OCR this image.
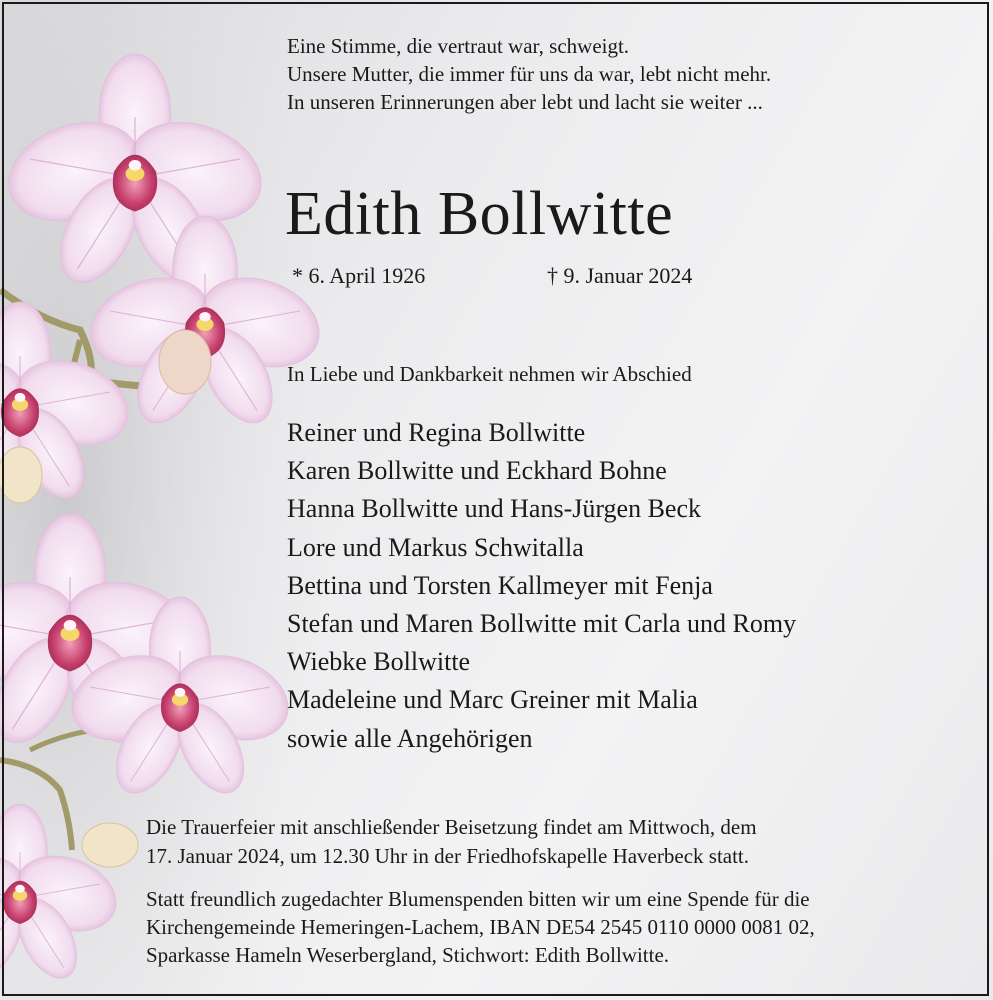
Eine Stimme, die vertraut war, schweigt.
Unsere Mutter, die immer für uns da war, lebt nicht mehr.
In unseren Erinnerungen aber lebt und lacht sie weiter ...
Edith Bollwitte
* 6. April 1926	† 9. Januar 2024
In Liebe und Dankbarkeit nehmen wir Abschied
Reiner und Regina Bollwitte
Karen Bollwitte und Eckhard Bohne
Hanna Bollwitte und Hans-Jürgen Beck
Lore und Markus Schwitalla
Bettina und Torsten Kallmeyer mit Fenja
Stefan und Maren Bollwitte mit Carla und Romy
Wiebke Bollwitte
Madeleine und Marc Greiner mit Malia
sowie alle Angehörigen
Die Trauerfeier mit anschließender Beisetzung findet am Mittwoch, dem
17. Januar 2024, um 12.30 Uhr in der Friedhofskapelle Haverbeck statt.
Statt freundlich zugedachter Blumenspenden bitten wir um eine Spende für die
Kirchengemeinde Hemeringen-Lachem, IBAN DE54 2545 0110 0000 0081 02,
Sparkasse Hameln Weserbergland, Stichwort: Edith Bollwitte.
